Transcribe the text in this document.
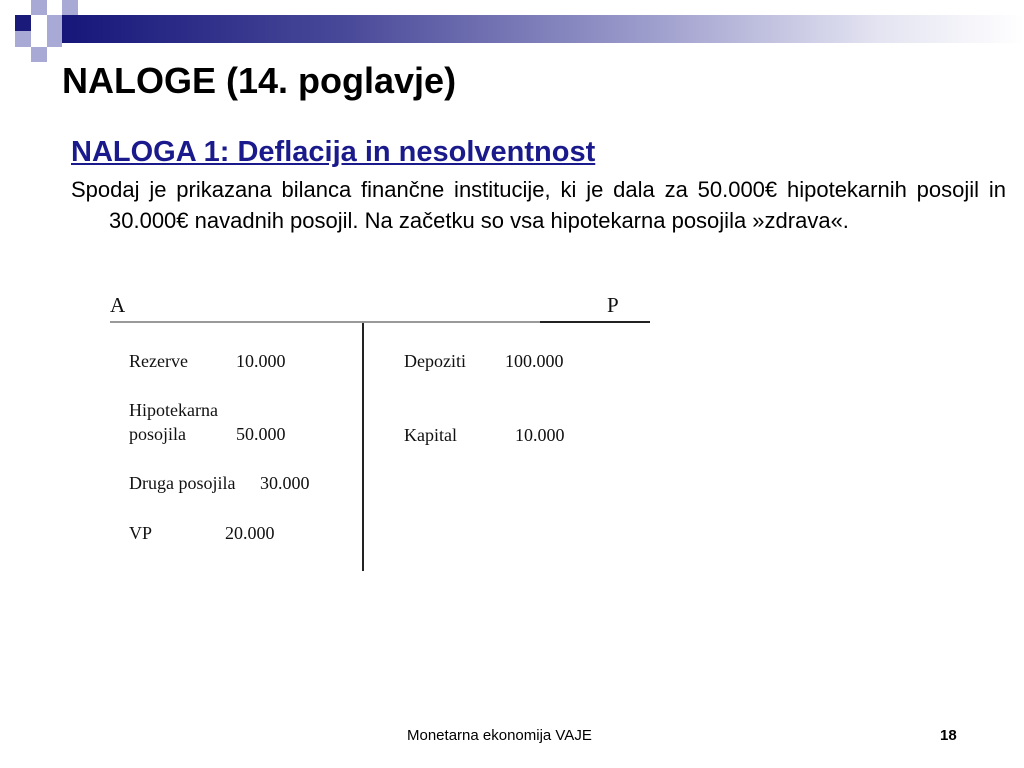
NALOGE (14. poglavje)
NALOGA 1: Deflacija in nesolventnost

Spodaj je prikazana bilanca finančne institucije, ki je dala za 50.000€ hipotekarnih posojil in 30.000€ navadnih posojil. Na začetku so vsa hipotekarna posojila »zdrava«.

A	P
Rezerve	10.000
Hipotekarna
posojila	50.000
Druga posojila 30.000
VP	20.000
Depoziti 100.000
Kapital	10.000
Monetarna ekonomija VAJE	18
